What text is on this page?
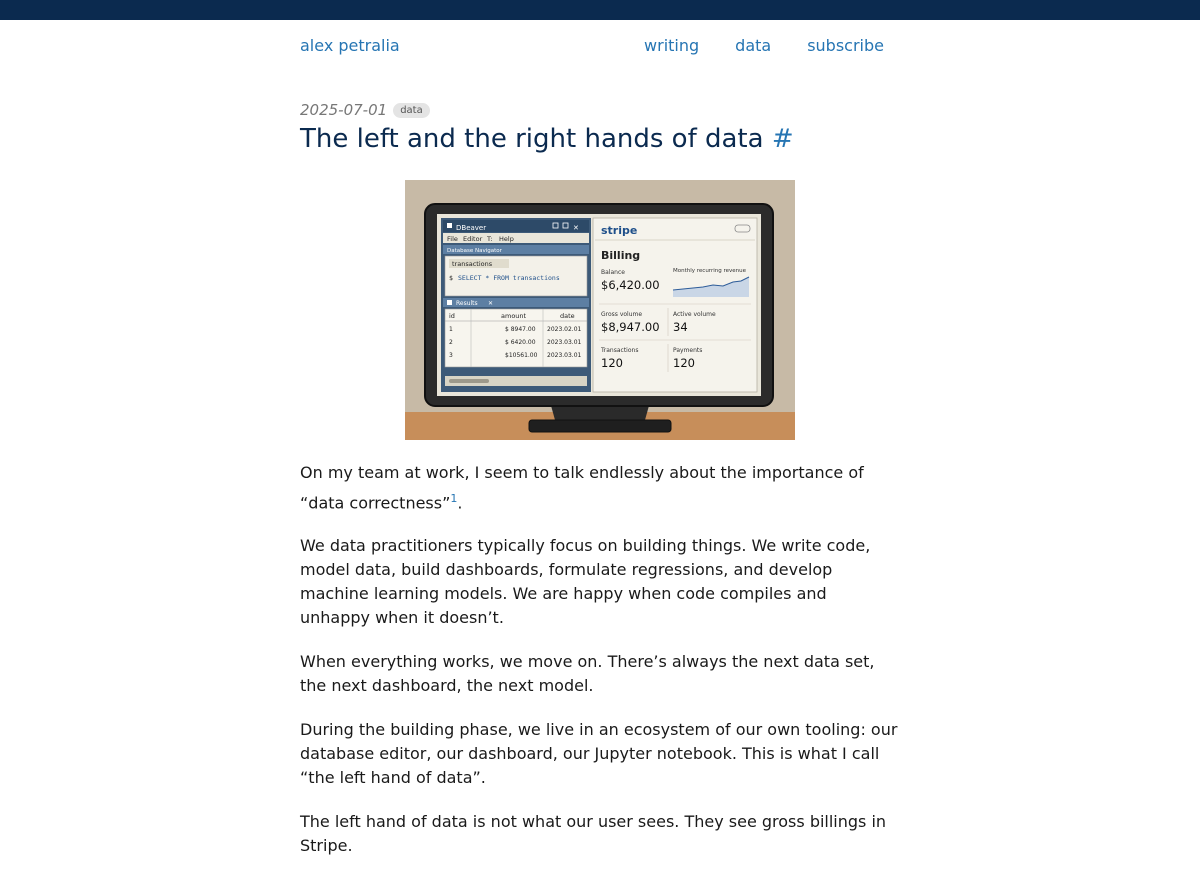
alex petralia	writing data subscribe
2025-07-01	data
The left and the right hands of data #
DBeaver	✕
File Editor T: Help
Database Navigator
transactions
$ SELECT * FROM transactions
Results ✕
id	amount	date
1	$ 8947.00 2023.02.01
2	$ 6420.00 2023.03.01
3	$10561.00 2023.03.01
stripe
Billing
Balance
$6,420.00
Monthly recurring revenue
Gross volume
$8,947.00
Active volume
34
Transactions
120
Payments
120

On my team at work, I seem to talk endlessly about the importance of “data correctness”$^1$.

We data practitioners typically focus on building things. We write code, model data, build dashboards, formulate regressions, and develop machine learning models. We are happy when code compiles and unhappy when it doesn’t.

When everything works, we move on. There’s always the next data set, the next dashboard, the next model.

During the building phase, we live in an ecosystem of our own tooling: our database editor, our dashboard, our Jupyter notebook. This is what I call “the left hand of data”.

The left hand of data is not what our user sees. They see gross billings in Stripe.
